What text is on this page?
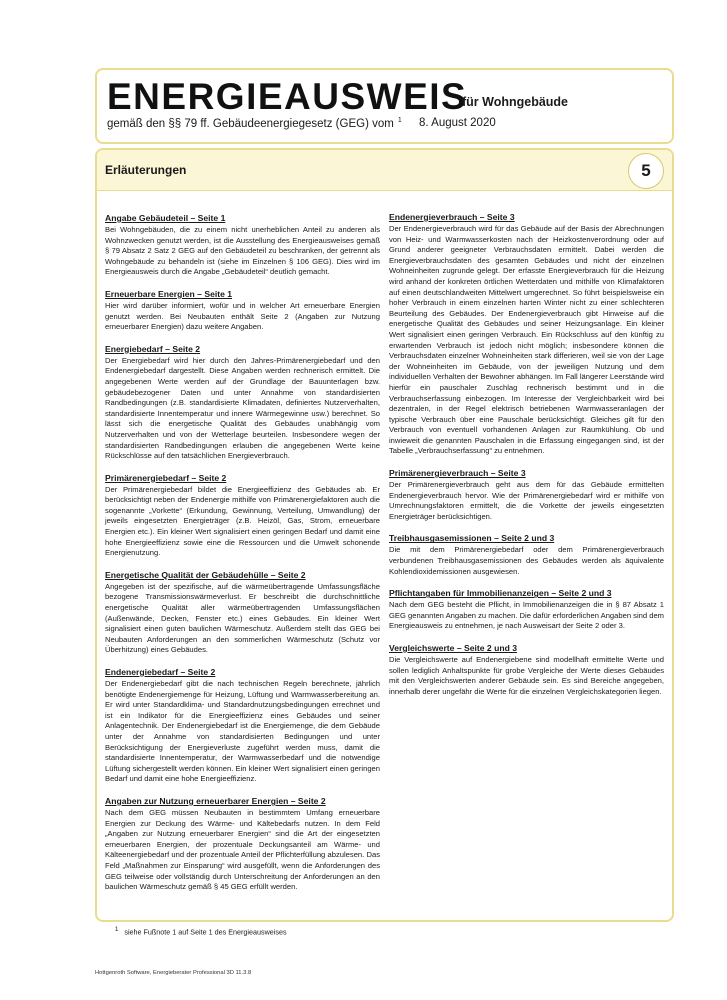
ENERGIEAUSWEIS
für Wohngebäude
gemäß den §§ 79 ff. Gebäudeenergiegesetz (GEG) vom $^1$ 8. August 2020
Erläuterungen	5
Angabe Gebäudeteil – Seite 1
Bei Wohngebäuden, die zu einem nicht unerheblichen Anteil zu anderen als Wohnzwecken genutzt werden, ist die Ausstellung des Energieausweises gemäß § 79 Absatz 2 Satz 2 GEG auf den Gebäudeteil zu beschranken, der getrennt als Wohngebäude zu behandeln ist (siehe im Einzelnen § 106 GEG). Dies wird im Energieausweis durch die Angabe „Gebäudeteil“ deutlich gemacht.
Erneuerbare Energien – Seite 1
Hier wird darüber informiert, wofür und in welcher Art erneuerbare Energien genutzt werden. Bei Neubauten enthält Seite 2 (Angaben zur Nutzung erneuerbarer Energien) dazu weitere Angaben.
Energiebedarf – Seite 2
Der Energiebedarf wird hier durch den Jahres-Primärenergiebedarf und den Endenergiebedarf dargestellt. Diese Angaben werden rechnerisch ermittelt. Die angegebenen Werte werden auf der Grundlage der Bauunterlagen bzw. gebäudebezogener Daten und unter Annahme von standardisierten Randbedingungen (z.B. standardisierte Klimadaten, definiertes Nutzerverhalten, standardisierte Innentemperatur und innere Wärmegewinne usw.) berechnet. So lässt sich die energetische Qualität des Gebäudes unabhängig vom Nutzerverhalten und von der Wetterlage beurteilen. Insbesondere wegen der standardisierten Randbedingungen erlauben die angegebenen Werte keine Rückschlüsse auf den tatsächlichen Energieverbrauch.
Primärenergiebedarf – Seite 2
Der Primärenergiebedarf bildet die Energieeffizienz des Gebäudes ab. Er berücksichtigt neben der Endenergie mithilfe von Primärenergiefaktoren auch die sogenannte „Vorkette“ (Erkundung, Gewinnung, Verteilung, Umwandlung) der jeweils eingesetzten Energieträger (z.B. Heizöl, Gas, Strom, erneuerbare Energien etc.). Ein kleiner Wert signalisiert einen geringen Bedarf und damit eine hohe Energieeffizienz sowie eine die Ressourcen und die Umwelt schonende Energienutzung.
Energetische Qualität der Gebäudehülle – Seite 2
Angegeben ist der spezifische, auf die wärmeübertragende Umfassungsfläche bezogene Transmissionswärmeverlust. Er beschreibt die durchschnittliche energetische Qualität aller wärmeübertragenden Umfassungsflächen (Außenwände, Decken, Fenster etc.) eines Gebäudes. Ein kleiner Wert signalisiert einen guten baulichen Wärmeschutz. Außerdem stellt das GEG bei Neubauten Anforderungen an den sommerlichen Wärmeschutz (Schutz vor Überhitzung) eines Gebäudes.
Endenergiebedarf – Seite 2
Der Endenergiebedarf gibt die nach technischen Regeln berechnete, jährlich benötigte Endenergiemenge für Heizung, Lüftung und Warmwasserbereitung an. Er wird unter Standardklima- und Standardnutzungsbedingungen errechnet und ist ein Indikator für die Energieeffizienz eines Gebäudes und seiner Anlagentechnik. Der Endenergiebedarf ist die Energiemenge, die dem Gebäude unter der Annahme von standardisierten Bedingungen und unter Berücksichtigung der Energieverluste zugeführt werden muss, damit die standardisierte Innentemperatur, der Warmwasserbedarf und die notwendige Lüftung sichergestellt werden können. Ein kleiner Wert signalisiert einen geringen Bedarf und damit eine hohe Energieeffizienz.
Angaben zur Nutzung erneuerbarer Energien – Seite 2
Nach dem GEG müssen Neubauten in bestimmtem Umfang erneuerbare Energien zur Deckung des Wärme- und Kältebedarfs nutzen. In dem Feld „Angaben zur Nutzung erneuerbarer Energien“ sind die Art der eingesetzten erneuerbaren Energien, der prozentuale Deckungsanteil am Wärme- und Kälteenergiebedarf und der prozentuale Anteil der Pflichterfüllung abzulesen. Das Feld „Maßnahmen zur Einsparung“ wird ausgefüllt, wenn die Anforderungen des GEG teilweise oder vollständig durch Unterschreitung der Anforderungen an den baulichen Wärmeschutz gemäß § 45 GEG erfüllt werden.
Endenergieverbrauch – Seite 3
Der Endenergieverbrauch wird für das Gebäude auf der Basis der Abrechnungen von Heiz- und Warmwasserkosten nach der Heizkostenverordnung oder auf Grund anderer geeigneter Verbrauchsdaten ermittelt. Dabei werden die Energieverbrauchsdaten des gesamten Gebäudes und nicht der einzelnen Wohneinheiten zugrunde gelegt. Der erfasste Energieverbrauch für die Heizung wird anhand der konkreten örtlichen Wetterdaten und mithilfe von Klimafaktoren auf einen deutschlandweiten Mittelwert umgerechnet. So führt beispielsweise ein hoher Verbrauch in einem einzelnen harten Winter nicht zu einer schlechteren Beurteilung des Gebäudes. Der Endenergieverbrauch gibt Hinweise auf die energetische Qualität des Gebäudes und seiner Heizungsanlage. Ein kleiner Wert signalisiert einen geringen Verbrauch. Ein Rückschluss auf den künftig zu erwartenden Verbrauch ist jedoch nicht möglich; insbesondere können die Verbrauchsdaten einzelner Wohneinheiten stark differieren, weil sie von der Lage der Wohneinheiten im Gebäude, von der jeweiligen Nutzung und dem individuellen Verhalten der Bewohner abhängen. Im Fall längerer Leerstände wird hierfür ein pauschaler Zuschlag rechnerisch bestimmt und in die Verbrauchserfassung einbezogen. Im Interesse der Vergleichbarkeit wird bei dezentralen, in der Regel elektrisch betriebenen Warmwasseranlagen der typische Verbrauch über eine Pauschale berücksichtigt. Gleiches gilt für den Verbrauch von eventuell vorhandenen Anlagen zur Raumkühlung. Ob und inwieweit die genannten Pauschalen in die Erfassung eingegangen sind, ist der Tabelle „Verbrauchserfassung“ zu entnehmen.
Primärenergieverbrauch – Seite 3
Der Primärenergieverbrauch geht aus dem für das Gebäude ermittelten Endenergieverbrauch hervor. Wie der Primärenergiebedarf wird er mithilfe von Umrechnungsfaktoren ermittelt, die die Vorkette der jeweils eingesetzten Energieträger berücksichtigen.
Treibhausgasemissionen – Seite 2 und 3
Die mit dem Primärenergiebedarf oder dem Primärenergieverbrauch verbundenen Treibhausgasemissionen des Gebäudes werden als äquivalente Kohlendioxidemissionen ausgewiesen.
Pflichtangaben für Immobilienanzeigen – Seite 2 und 3
Nach dem GEG besteht die Pflicht, in Immobilienanzeigen die in § 87 Absatz 1 GEG genannten Angaben zu machen. Die dafür erforderlichen Angaben sind dem Energieausweis zu entnehmen, je nach Ausweisart der Seite 2 oder 3.
Vergleichswerte – Seite 2 und 3
Die Vergleichswerte auf Endenergiebene sind modellhaft ermittelte Werte und sollen lediglich Anhaltspunkte für grobe Vergleiche der Werte dieses Gebäudes mit den Vergleichswerten anderer Gebäude sein. Es sind Bereiche angegeben, innerhalb derer ungefähr die Werte für die einzelnen Vergleichskategorien liegen.
$^1$ siehe Fußnote 1 auf Seite 1 des Energieausweises
Hottgenroth Software, Energieberater Professional 3D 11.3.8
